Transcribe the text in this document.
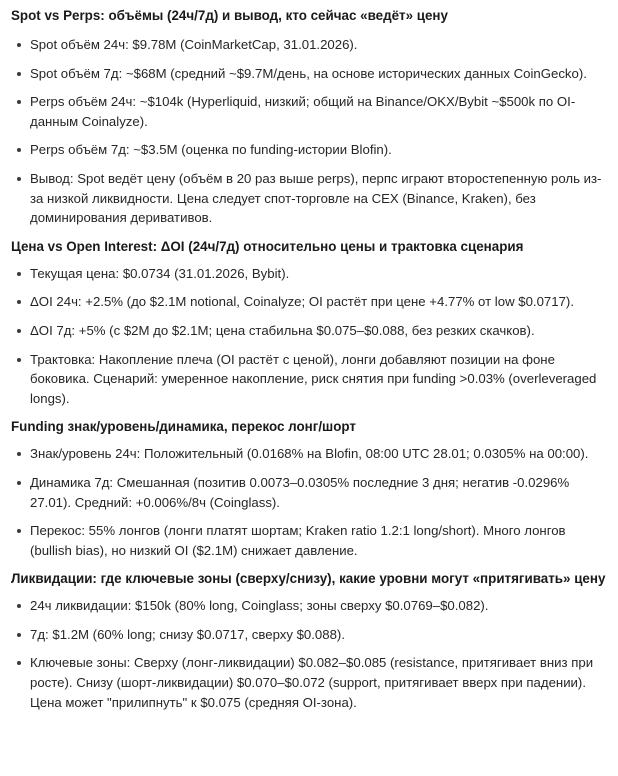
Spot vs Perps: объёмы (24ч/7д) и вывод, кто сейчас «ведёт» цену
Spot объём 24ч: $9.78M (CoinMarketCap, 31.01.2026).
Spot объём 7д: ~$68M (средний ~$9.7M/день, на основе исторических данных CoinGecko).
Perps объём 24ч: ~$104k (Hyperliquid, низкий; общий на Binance/OKX/Bybit ~$500k по OI-данным Coinalyze).
Perps объём 7д: ~$3.5M (оценка по funding-истории Blofin).
Вывод: Spot ведёт цену (объём в 20 раз выше perps), перпс играют второстепенную роль из-за низкой ликвидности. Цена следует спот-торговле на CEX (Binance, Kraken), без доминирования деривативов.
Цена vs Open Interest: ΔOI (24ч/7д) относительно цены и трактовка сценария
Текущая цена: $0.0734 (31.01.2026, Bybit).
ΔOI 24ч: +2.5% (до $2.1M notional, Coinalyze; OI растёт при цене +4.77% от low $0.0717).
ΔOI 7д: +5% (с $2M до $2.1M; цена стабильна $0.075–$0.088, без резких скачков).
Трактовка: Накопление плеча (OI растёт с ценой), лонги добавляют позиции на фоне боковика. Сценарий: умеренное накопление, риск снятия при funding >0.03% (overleveraged longs).
Funding знак/уровень/динамика, перекос лонг/шорт
Знак/уровень 24ч: Положительный (0.0168% на Blofin, 08:00 UTC 28.01; 0.0305% на 00:00).
Динамика 7д: Смешанная (позитив 0.0073–0.0305% последние 3 дня; негатив -0.0296% 27.01). Средний: +0.006%/8ч (Coinglass).
Перекос: 55% лонгов (лонги платят шортам; Kraken ratio 1.2:1 long/short). Много лонгов (bullish bias), но низкий OI ($2.1M) снижает давление.
Ликвидации: где ключевые зоны (сверху/снизу), какие уровни могут «притягивать» цену
24ч ликвидации: $150k (80% long, Coinglass; зоны сверху $0.0769–$0.082).
7д: $1.2M (60% long; снизу $0.0717, сверху $0.088).
Ключевые зоны: Сверху (лонг-ликвидации) $0.082–$0.085 (resistance, притягивает вниз при росте). Снизу (шорт-ликвидации) $0.070–$0.072 (support, притягивает вверх при падении). Цена может "прилипнуть" к $0.075 (средняя OI-зона).
